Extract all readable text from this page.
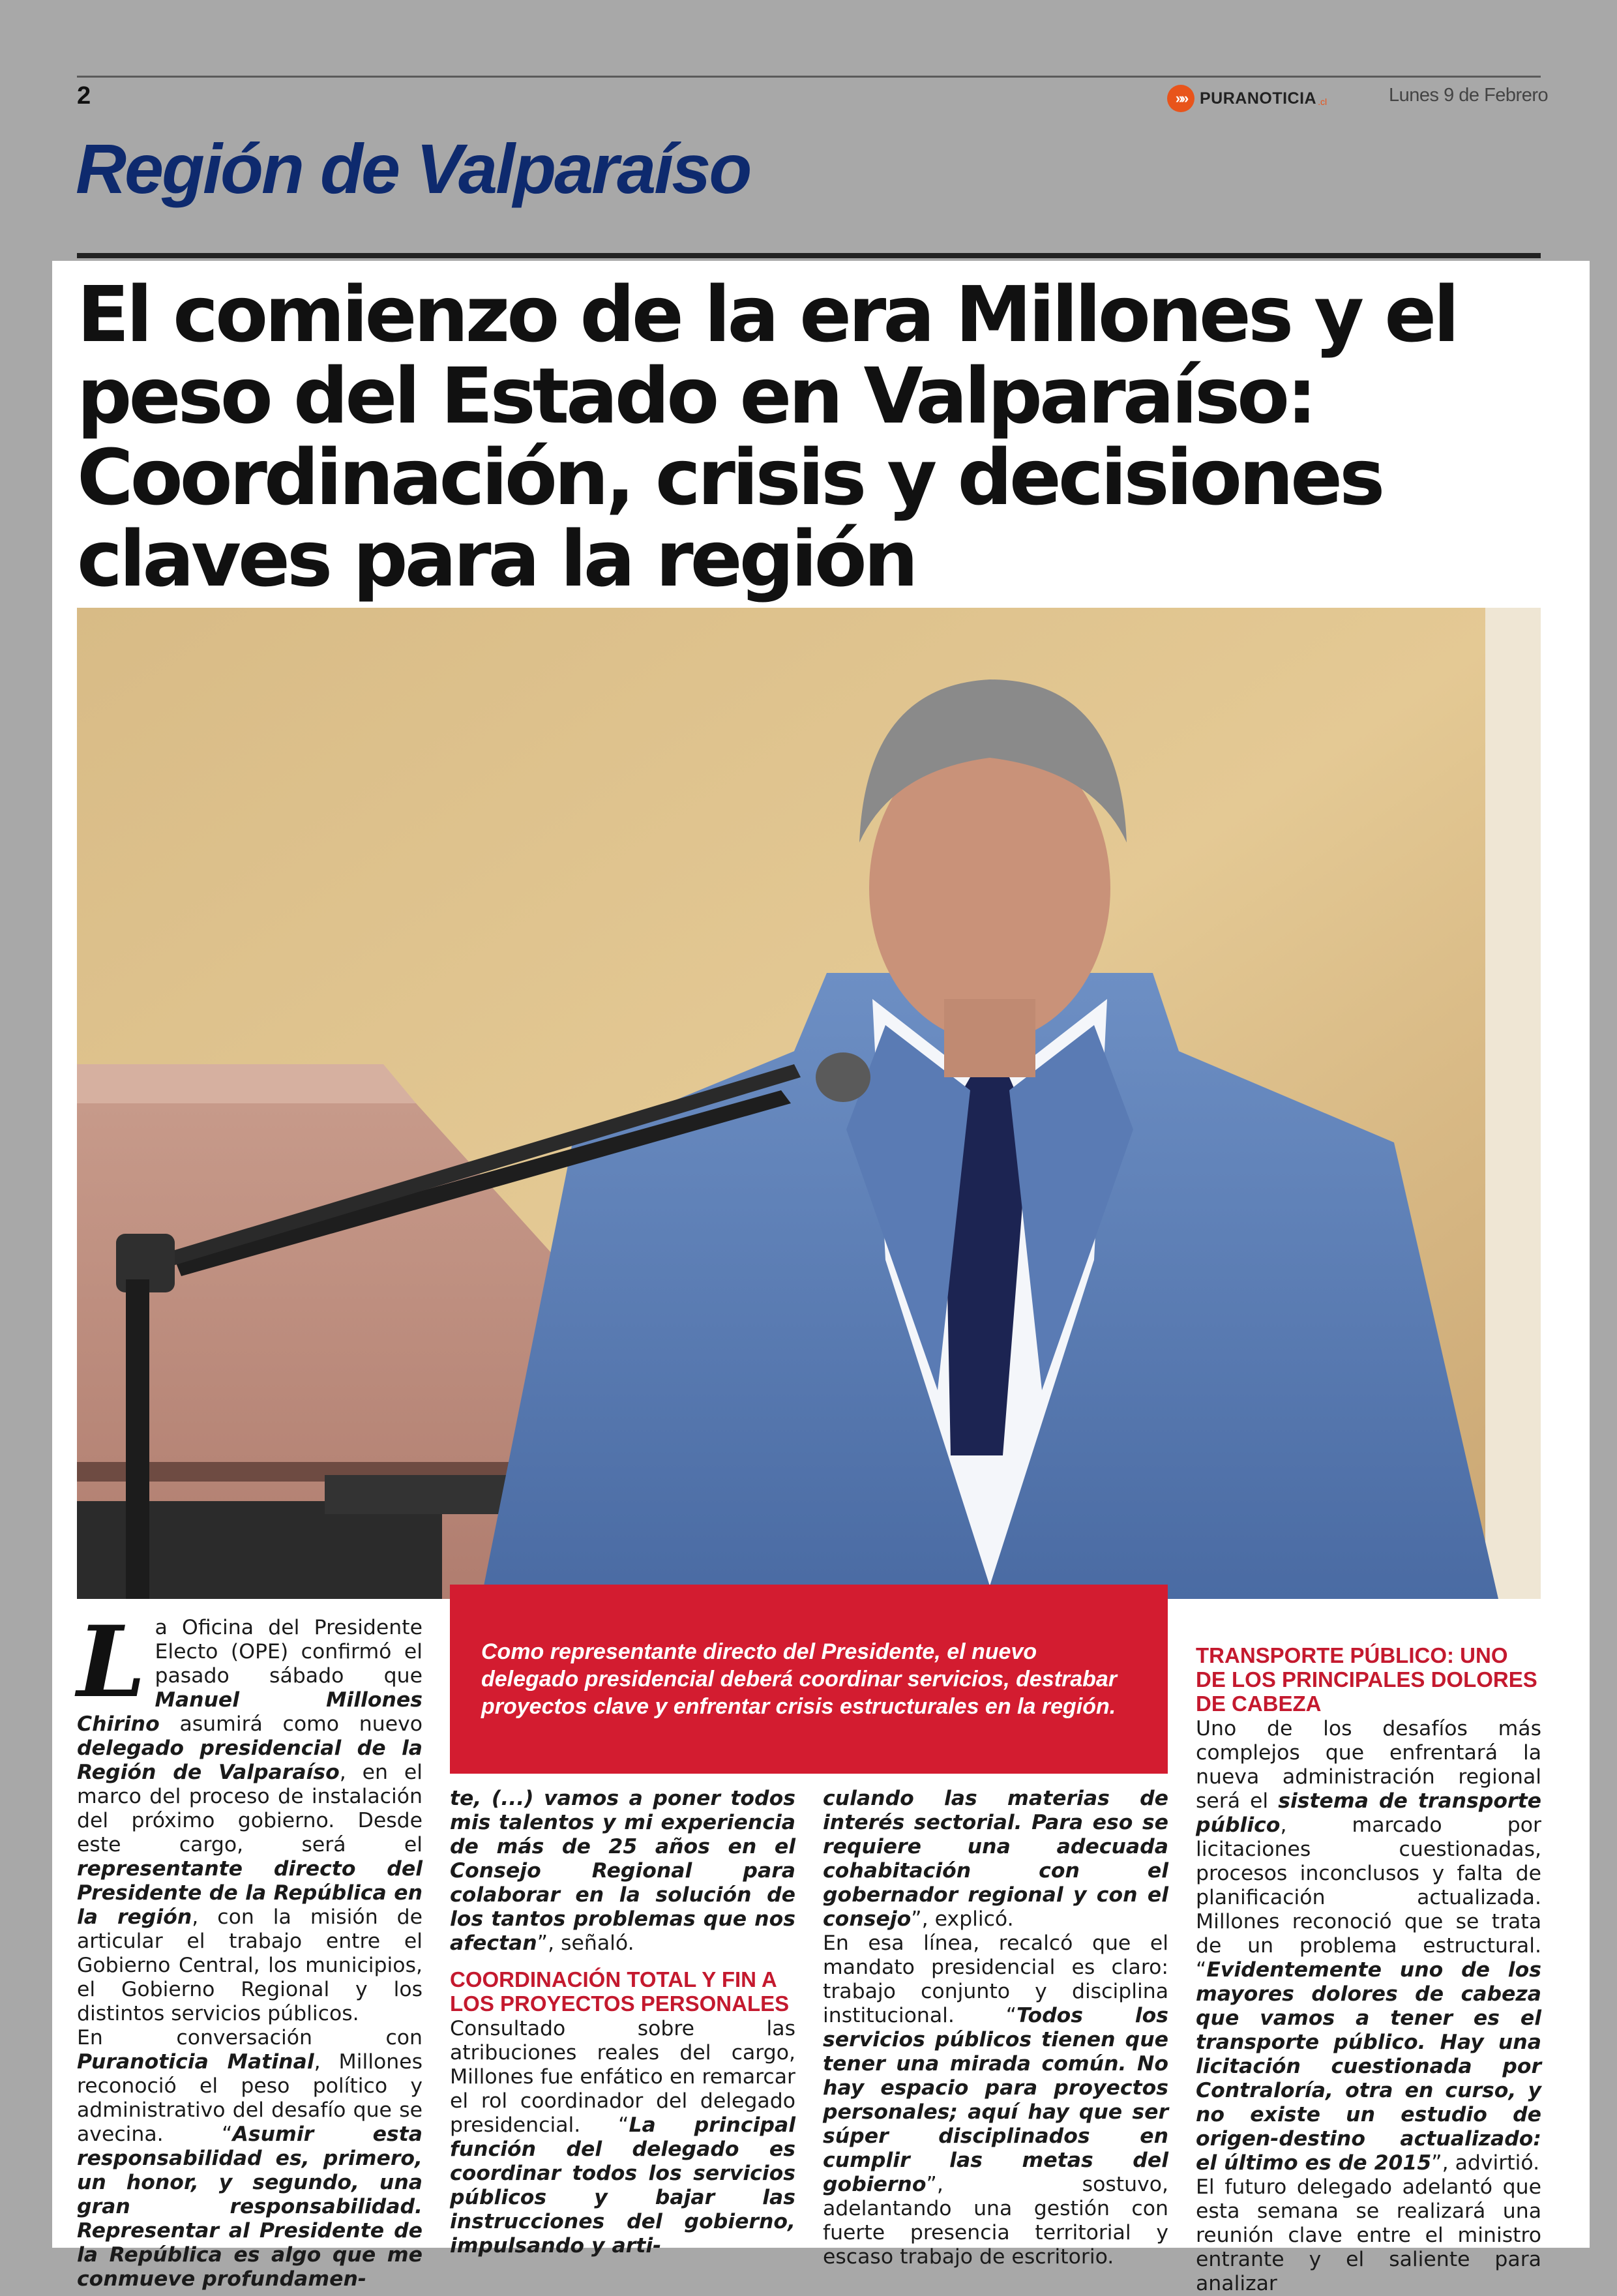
2	»» PURANOTICIA .cl	Lunes 9 de Febrero
Región de Valparaíso
El comienzo de la era Millones y el peso del Estado en Valparaíso: Coordinación, crisis y decisiones claves para la región
Como representante directo del Presidente, el nuevo delegado presidencial deberá coordinar servicios, destrabar proyectos clave y enfrentar crisis estructurales en la región.

La Oficina del Presidente Electo (OPE) confirmó el pasado sábado que Manuel Millones Chirino asumirá como nuevo delegado presidencial de la Región de Valparaíso, en el marco del proceso de instalación del próximo gobierno. Desde este cargo, será el representante directo del Presidente de la República en la región, con la misión de articular el trabajo entre el Gobierno Central, los municipios, el Gobierno Regional y los distintos servicios públicos.

En conversación con Puranoticia Matinal, Millones reconoció el peso político y administrativo del desafío que se avecina. “Asumir esta responsabilidad es, primero, un honor, y segundo, una gran responsabilidad. Representar al Presidente de la República es algo que me conmueve profundamen-

te, (...) vamos a poner todos mis talentos y mi experiencia de más de 25 años en el Consejo Regional para colaborar en la solución de los tantos problemas que nos afectan”, señaló.

COORDINACIÓN TOTAL Y FIN A LOS PROYECTOS PERSONALES

Consultado sobre las atribuciones reales del cargo, Millones fue enfático en remarcar el rol coordinador del delegado presidencial. “La principal función del delegado es coordinar todos los servicios públicos y bajar las instrucciones del gobierno, impulsando y arti-

culando las materias de interés sectorial. Para eso se requiere una adecuada cohabitación con el gobernador regional y con el consejo”, explicó.

En esa línea, recalcó que el mandato presidencial es claro: trabajo conjunto y disciplina institucional. “Todos los servicios públicos tienen que tener una mirada común. No hay espacio para proyectos personales; aquí hay que ser súper disciplinados en cumplir las metas del gobierno”, sostuvo, adelantando una gestión con fuerte presencia territorial y escaso trabajo de escritorio.

TRANSPORTE PÚBLICO: UNO DE LOS PRINCIPALES DOLORES DE CABEZA

Uno de los desafíos más complejos que enfrentará la nueva administración regional será el sistema de transporte público, marcado por licitaciones cuestionadas, procesos inconclusos y falta de planificación actualizada. Millones reconoció que se trata de un problema estructural. “Evidentemente uno de los mayores dolores de cabeza que vamos a tener es el transporte público. Hay una licitación cuestionada por Contraloría, otra en curso, y no existe un estudio de origen-destino actualizado: el último es de 2015”, advirtió.

El futuro delegado adelantó que esta semana se realizará una reunión clave entre el ministro entrante y el saliente para analizar
